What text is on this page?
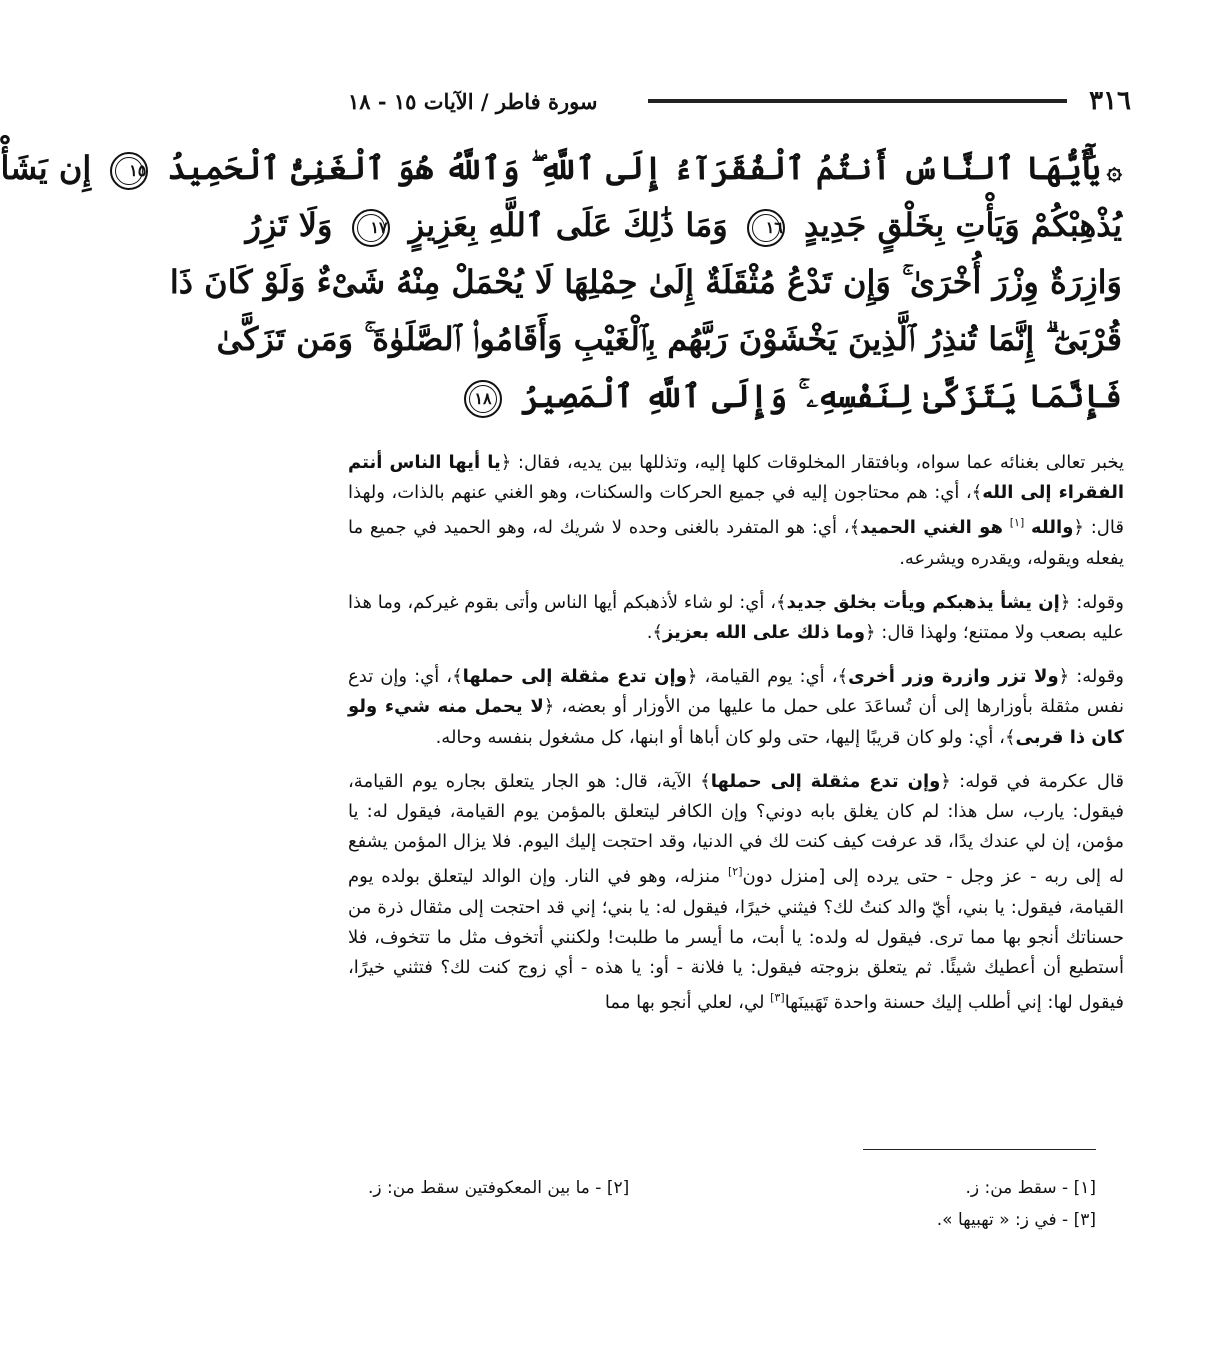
٣١٦
سورة فاطر / الآيات ١٥ - ١٨
۞يَٰٓأَيُّهَا ٱلنَّاسُ أَنتُمُ ٱلْفُقَرَآءُ إِلَى ٱللَّهِ ۖ وَٱللَّهُ هُوَ ٱلْغَنِىُّ ٱلْحَمِيدُ ١٥ إِن يَشَأْ
يُذْهِبْكُمْ وَيَأْتِ بِخَلْقٍ جَدِيدٍ ١٦ وَمَا ذَٰلِكَ عَلَى ٱللَّهِ بِعَزِيزٍ ١٧ وَلَا تَزِرُ
وَازِرَةٌ وِزْرَ أُخْرَىٰ ۚ وَإِن تَدْعُ مُثْقَلَةٌ إِلَىٰ حِمْلِهَا لَا يُحْمَلْ مِنْهُ شَىْءٌ وَلَوْ كَانَ ذَا
قُرْبَىٰٓ ۗ إِنَّمَا تُنذِرُ ٱلَّذِينَ يَخْشَوْنَ رَبَّهُم بِٱلْغَيْبِ وَأَقَامُوا۟ ٱلصَّلَوٰةَ ۚ وَمَن تَزَكَّىٰ
فَإِنَّمَا يَتَزَكَّىٰ لِنَفْسِهِۦ ۚ وَإِلَى ٱللَّهِ ٱلْمَصِيرُ ١٨

يخبر تعالى بغنائه عما سواه، وبافتقار المخلوقات كلها إليه، وتذللها بين يديه، فقال: ﴿يا أيها الناس أنتم الفقراء إلى الله﴾، أي: هم محتاجون إليه في جميع الحركات والسكنات، وهو الغني عنهم بالذات، ولهذا قال: ﴿والله [١] هو الغني الحميد﴾، أي: هو المتفرد بالغنى وحده لا شريك له، وهو الحميد في جميع ما يفعله ويقوله، ويقدره ويشرعه.

وقوله: ﴿إن يشأ يذهبكم ويأت بخلق جديد﴾، أي: لو شاء لأذهبكم أيها الناس وأتى بقوم غيركم، وما هذا عليه بصعب ولا ممتنع؛ ولهذا قال: ﴿وما ذلك على الله بعزيز﴾.

وقوله: ﴿ولا تزر وازرة وزر أخرى﴾، أي: يوم القيامة، ﴿وإن تدع مثقلة إلى حملها﴾، أي: وإن تدع نفس مثقلة بأوزارها إلى أن تُساعَدَ على حمل ما عليها من الأوزار أو بعضه، ﴿لا يحمل منه شيء ولو كان ذا قربى﴾، أي: ولو كان قريبًا إليها، حتى ولو كان أباها أو ابنها، كل مشغول بنفسه وحاله.

قال عكرمة في قوله: ﴿وإن تدع مثقلة إلى حملها﴾ الآية، قال: هو الجار يتعلق بجاره يوم القيامة، فيقول: يارب، سل هذا: لم كان يغلق بابه دوني؟ وإن الكافر ليتعلق بالمؤمن يوم القيامة، فيقول له: يا مؤمن، إن لي عندك يدًا، قد عرفت كيف كنت لك في الدنيا، وقد احتجت إليك اليوم. فلا يزال المؤمن يشفع له إلى ربه - عز وجل - حتى يرده إلى [منزل دون[٢] منزله، وهو في النار. وإن الوالد ليتعلق بولده يوم القيامة، فيقول: يا بني، أيّ والد كنتُ لك؟ فيثني خيرًا، فيقول له: يا بني؛ إني قد احتجت إلى مثقال ذرة من حسناتك أنجو بها مما ترى. فيقول له ولده: يا أبت، ما أيسر ما طلبت! ولكنني أتخوف مثل ما تتخوف، فلا أستطيع أن أعطيك شيئًا. ثم يتعلق بزوجته فيقول: يا فلانة - أو: يا هذه - أي زوج كنت لك؟ فتثني خيرًا، فيقول لها: إني أطلب إليك حسنة واحدة تَهَبينَها[٣] لي، لعلي أنجو بها مما

[١] - سقط من: ز.
[٢] - ما بين المعكوفتين سقط من: ز.
[٣] - في ز: « تهبيها ».
